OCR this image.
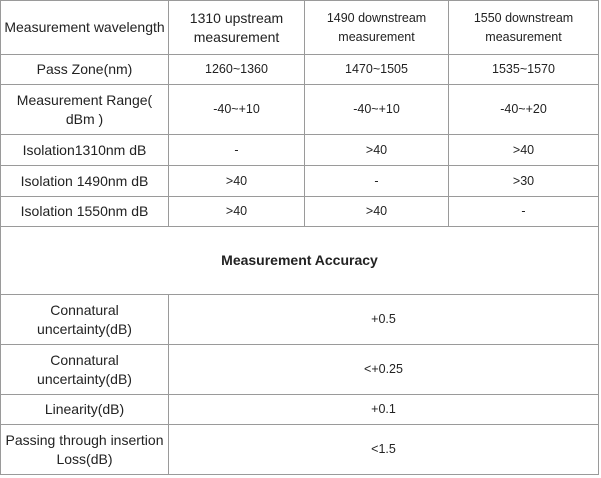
Measurement wavelength	1310 upstream measurement	1490 downstream measurement	1550 downstream measurement
Pass Zone(nm)	1260~1360	1470~1505	1535~1570
Measurement Range( dBm )	-40~+10	-40~+10	-40~+20
Isolation1310nm dB	-	>40	>40
Isolation 1490nm dB	>40	-	>30
Isolation 1550nm dB	>40	>40	-
Measurement Accuracy			
Connatural uncertainty(dB)	+0.5		
Connatural uncertainty(dB)	<+0.25		
Linearity(dB)	+0.1		
Passing through insertion Loss(dB)	<1.5		
